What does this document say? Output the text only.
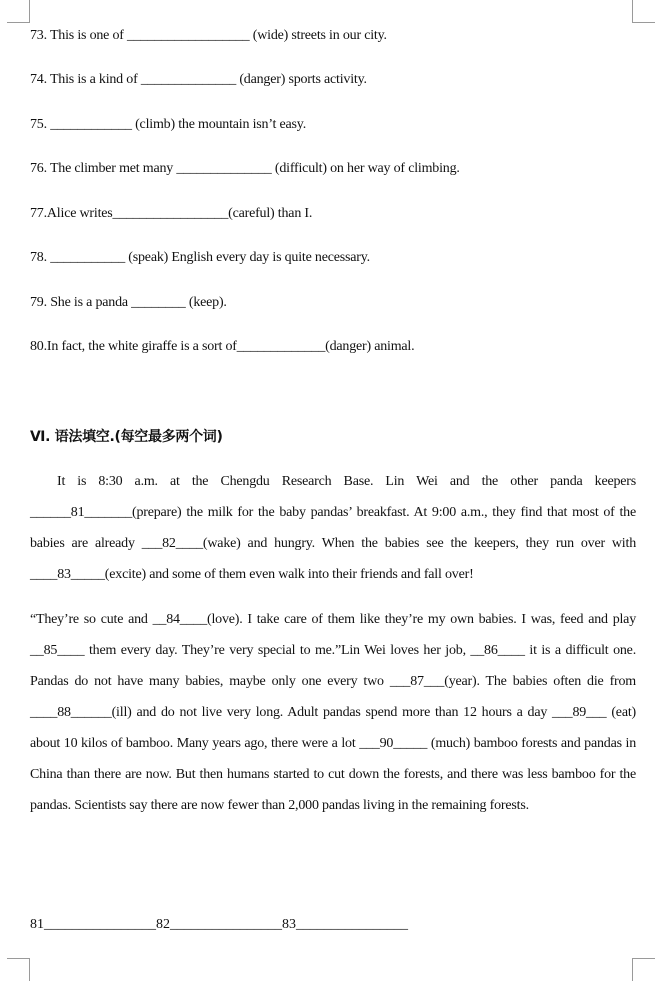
73. This is one of __________________ (wide) streets in our city.
74. This is a kind of ______________ (danger) sports activity.
75. ____________ (climb) the mountain isn’t easy.
76. The climber met many ______________ (difficult) on her way of climbing.
77.Alice writes_________________(careful) than I.
78. ___________ (speak) English every day is quite necessary.
79. She is a panda ________ (keep).
80.In fact, the white giraffe is a sort of_____________(danger) animal.
Ⅵ. 语法填空.(每空最多两个词)
It is 8:30 a.m. at the Chengdu Research Base. Lin Wei and the other panda keepers ______81_______(prepare) the milk for the baby pandas’ breakfast. At 9:00 a.m., they find that most of the babies are already ___82____(wake) and hungry. When the babies see the keepers, they run over with ____83_____(excite) and some of them even walk into their friends and fall over!
“They’re so cute and __84____(love). I take care of them like they’re my own babies. I was, feed and play __85____ them every day. They’re very special to me.”Lin Wei loves her job, __86____ it is a difficult one. Pandas do not have many babies, maybe only one every two ___87___(year). The babies often die from ____88______(ill) and do not live very long. Adult pandas spend more than 12 hours a day ___89___ (eat) about 10 kilos of bamboo. Many years ago, there were a lot ___90_____ (much) bamboo forests and pandas in China than there are now. But then humans started to cut down the forests, and there was less bamboo for the pandas. Scientists say there are now fewer than 2,000 pandas living in the remaining forests.
81________________82________________83________________
